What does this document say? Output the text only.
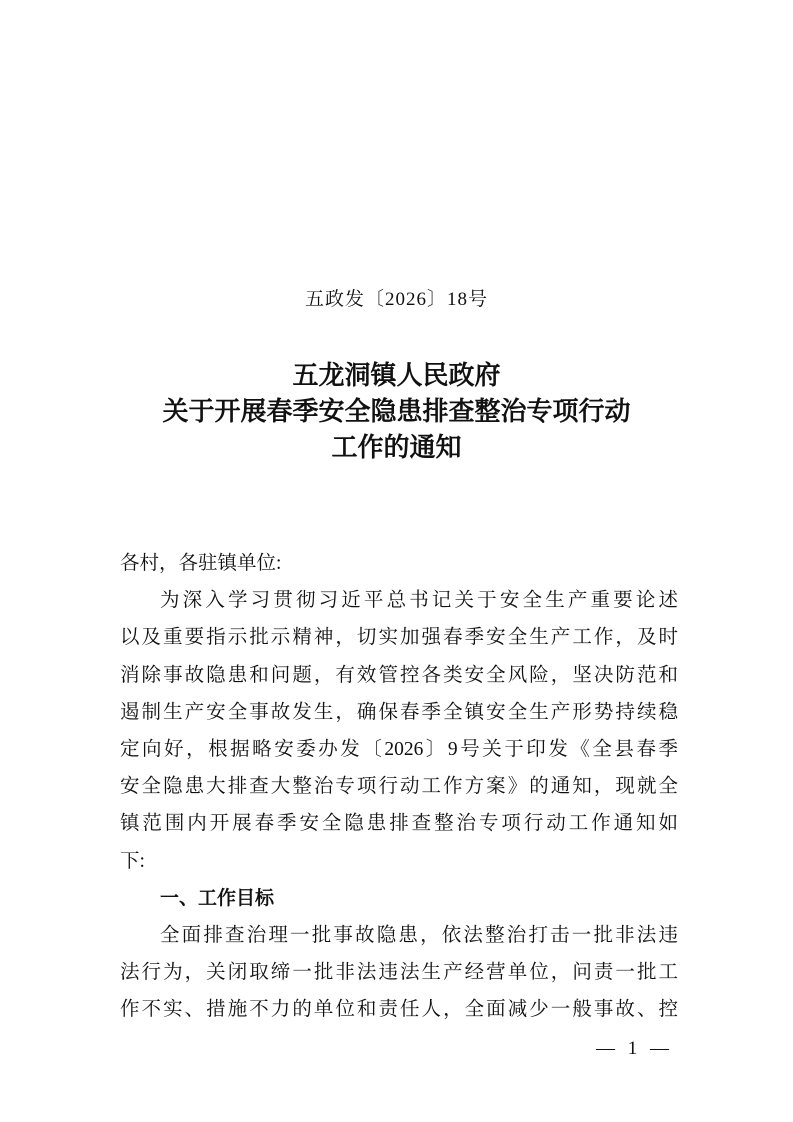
五政发〔2026〕18号
五龙洞镇人民政府
关于开展春季安全隐患排查整治专项行动
工作的通知
各村，各驻镇单位:
为深入学习贯彻习近平总书记关于安全生产重要论述
以及重要指示批示精神，切实加强春季安全生产工作，及时
消除事故隐患和问题，有效管控各类安全风险，坚决防范和
遏制生产安全事故发生，确保春季全镇安全生产形势持续稳
定向好，根据略安委办发〔2026〕9号关于印发《全县春季
安全隐患大排查大整治专项行动工作方案》的通知，现就全
镇范围内开展春季安全隐患排查整治专项行动工作通知如
下:
一、工作目标
全面排查治理一批事故隐患，依法整治打击一批非法违
法行为，关闭取缔一批非法违法生产经营单位，问责一批工
作不实、措施不力的单位和责任人，全面减少一般事故、控
— 1 —
